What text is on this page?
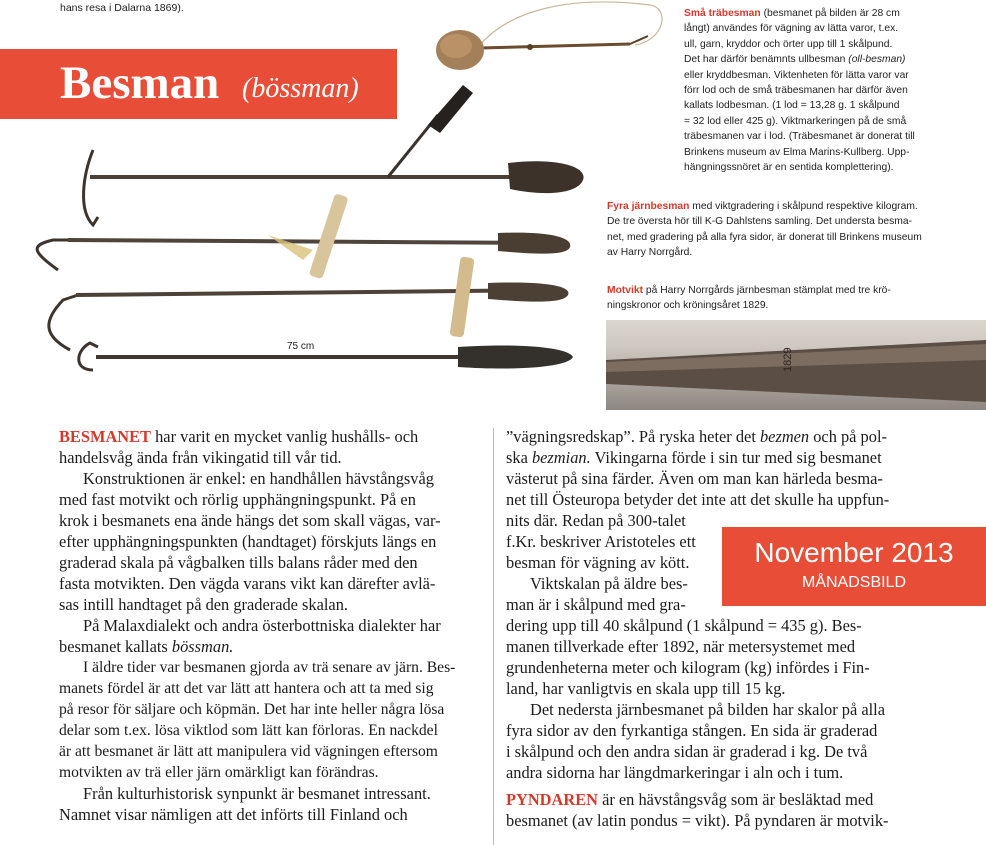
hans resa i Dalarna 1869).
Besman (bössman)
75 cm
Små träbesman (besmanet på bilden är 28 cm
långt) användes för vägning av lätta varor, t.ex.
ull, garn, kryddor och örter upp till 1 skålpund.
Det har därför benämnts ullbesman (oll-besman)
eller kryddbesman. Viktenheten för lätta varor var
förr lod och de små träbesmanen har därför även
kallats lodbesman. (1 lod = 13,28 g. 1 skålpund
= 32 lod eller 425 g). Viktmarkeringen på de små
träbesmanen var i lod. (Träbesmanet är donerat till
Brinkens museum av Elma Marins-Kullberg. Upp-
hängningssnöret är en sentida komplettering).
Fyra järnbesman med viktgradering i skålpund respektive kilogram.
De tre översta hör till K-G Dahlstens samling. Det understa besma-
net, med gradering på alla fyra sidor, är donerat till Brinkens museum
av Harry Norrgård.
Motvikt på Harry Norrgårds järnbesman stämplat med tre krö-
ningskronor och kröningsåret 1829.
1829

BESMANET har varit en mycket vanlig hushålls- och
handelsvåg ända från vikingatid till vår tid.

Konstruktionen är enkel: en handhållen hävstångsvåg
med fast motvikt och rörlig upphängningspunkt. På en
krok i besmanets ena ände hängs det som skall vägas, var-
efter upphängningspunkten (handtaget) förskjuts längs en
graderad skala på vågbalken tills balans råder med den
fasta motvikten. Den vägda varans vikt kan därefter avlä-
sas intill handtaget på den graderade skalan.

På Malaxdialekt och andra österbottniska dialekter har
besmanet kallats bössman.

I äldre tider var besmanen gjorda av trä senare av järn. Bes-
manets fördel är att det var lätt att hantera och att ta med sig
på resor för säljare och köpmän. Det har inte heller några lösa
delar som t.ex. lösa viktlod som lätt kan förloras. En nackdel
är att besmanet är lätt att manipulera vid vägningen eftersom
motvikten av trä eller järn omärkligt kan förändras.

Från kulturhistorisk synpunkt är besmanet intressant.
Namnet visar nämligen att det införts till Finland och

”vägningsredskap”. På ryska heter det bezmen och på pol-
ska bezmian. Vikingarna förde i sin tur med sig besmanet
västerut på sina färder. Även om man kan härleda besma-
net till Östeuropa betyder det inte att det skulle ha uppfun-
nits där. Redan på 300-talet
f.Kr. beskriver Aristoteles ett
besman för vägning av kött.

Viktskalan på äldre bes-
man är i skålpund med gra-
dering upp till 40 skålpund (1 skålpund = 435 g). Bes-
manen tillverkade efter 1892, när metersystemet med
grundenheterna meter och kilogram (kg) infördes i Fin-
land, har vanligtvis en skala upp till 15 kg.

Det nedersta järnbesmanet på bilden har skalor på alla
fyra sidor av den fyrkantiga stången. En sida är graderad
i skålpund och den andra sidan är graderad i kg. De två
andra sidorna har längdmarkeringar i aln och i tum.

PYNDAREN är en hävstångsvåg som är besläktad med
besmanet (av latin pondus = vikt). På pyndaren är motvik-

November 2013
MÅNADSBILD
